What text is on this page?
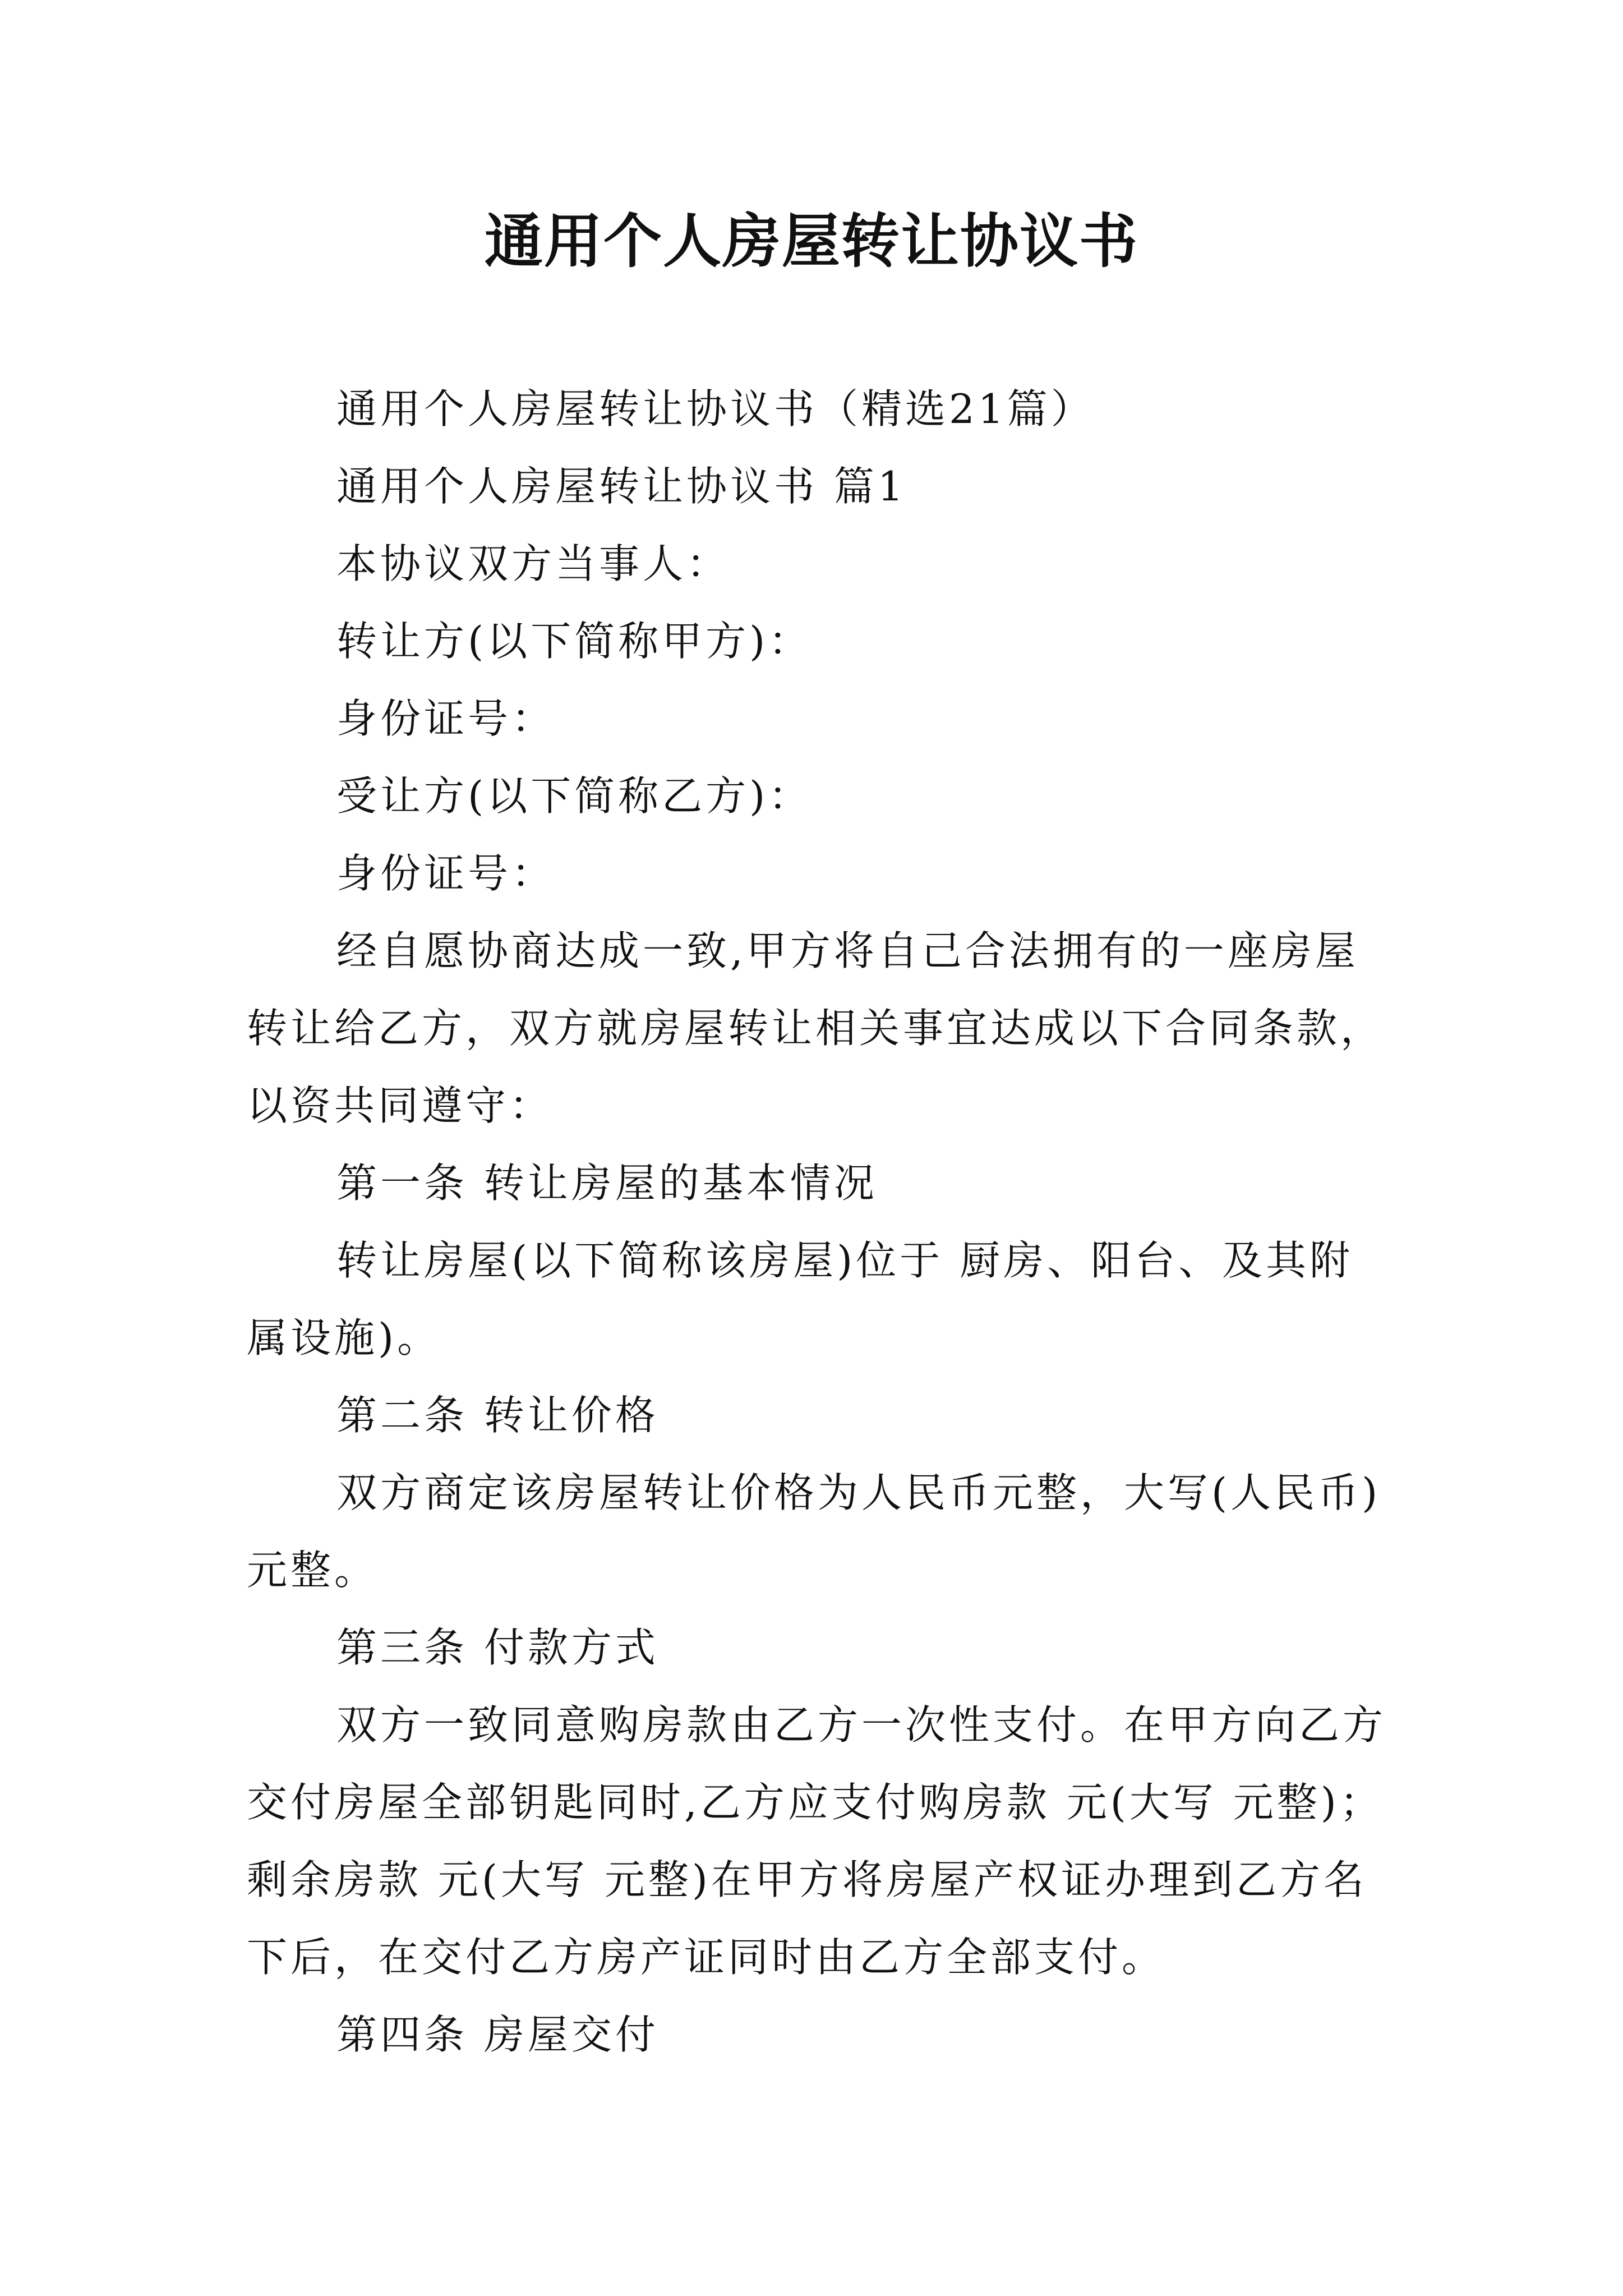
通用个人房屋转让协议书

通用个人房屋转让协议书（精选21篇）

通用个人房屋转让协议书 篇1

本协议双方当事人：

转让方(以下简称甲方)：

身份证号：

受让方(以下简称乙方)：

身份证号：

经自愿协商达成一致,甲方将自己合法拥有的一座房屋转让给乙方，双方就房屋转让相关事宜达成以下合同条款，以资共同遵守：

第一条 转让房屋的基本情况

转让房屋(以下简称该房屋)位于 厨房、阳台、及其附属设施)。

第二条 转让价格

双方商定该房屋转让价格为人民币元整，大写(人民币)元整。

第三条 付款方式

双方一致同意购房款由乙方一次性支付。在甲方向乙方交付房屋全部钥匙同时,乙方应支付购房款 元(大写 元整)；剩余房款 元(大写 元整)在甲方将房屋产权证办理到乙方名下后，在交付乙方房产证同时由乙方全部支付。

第四条 房屋交付
